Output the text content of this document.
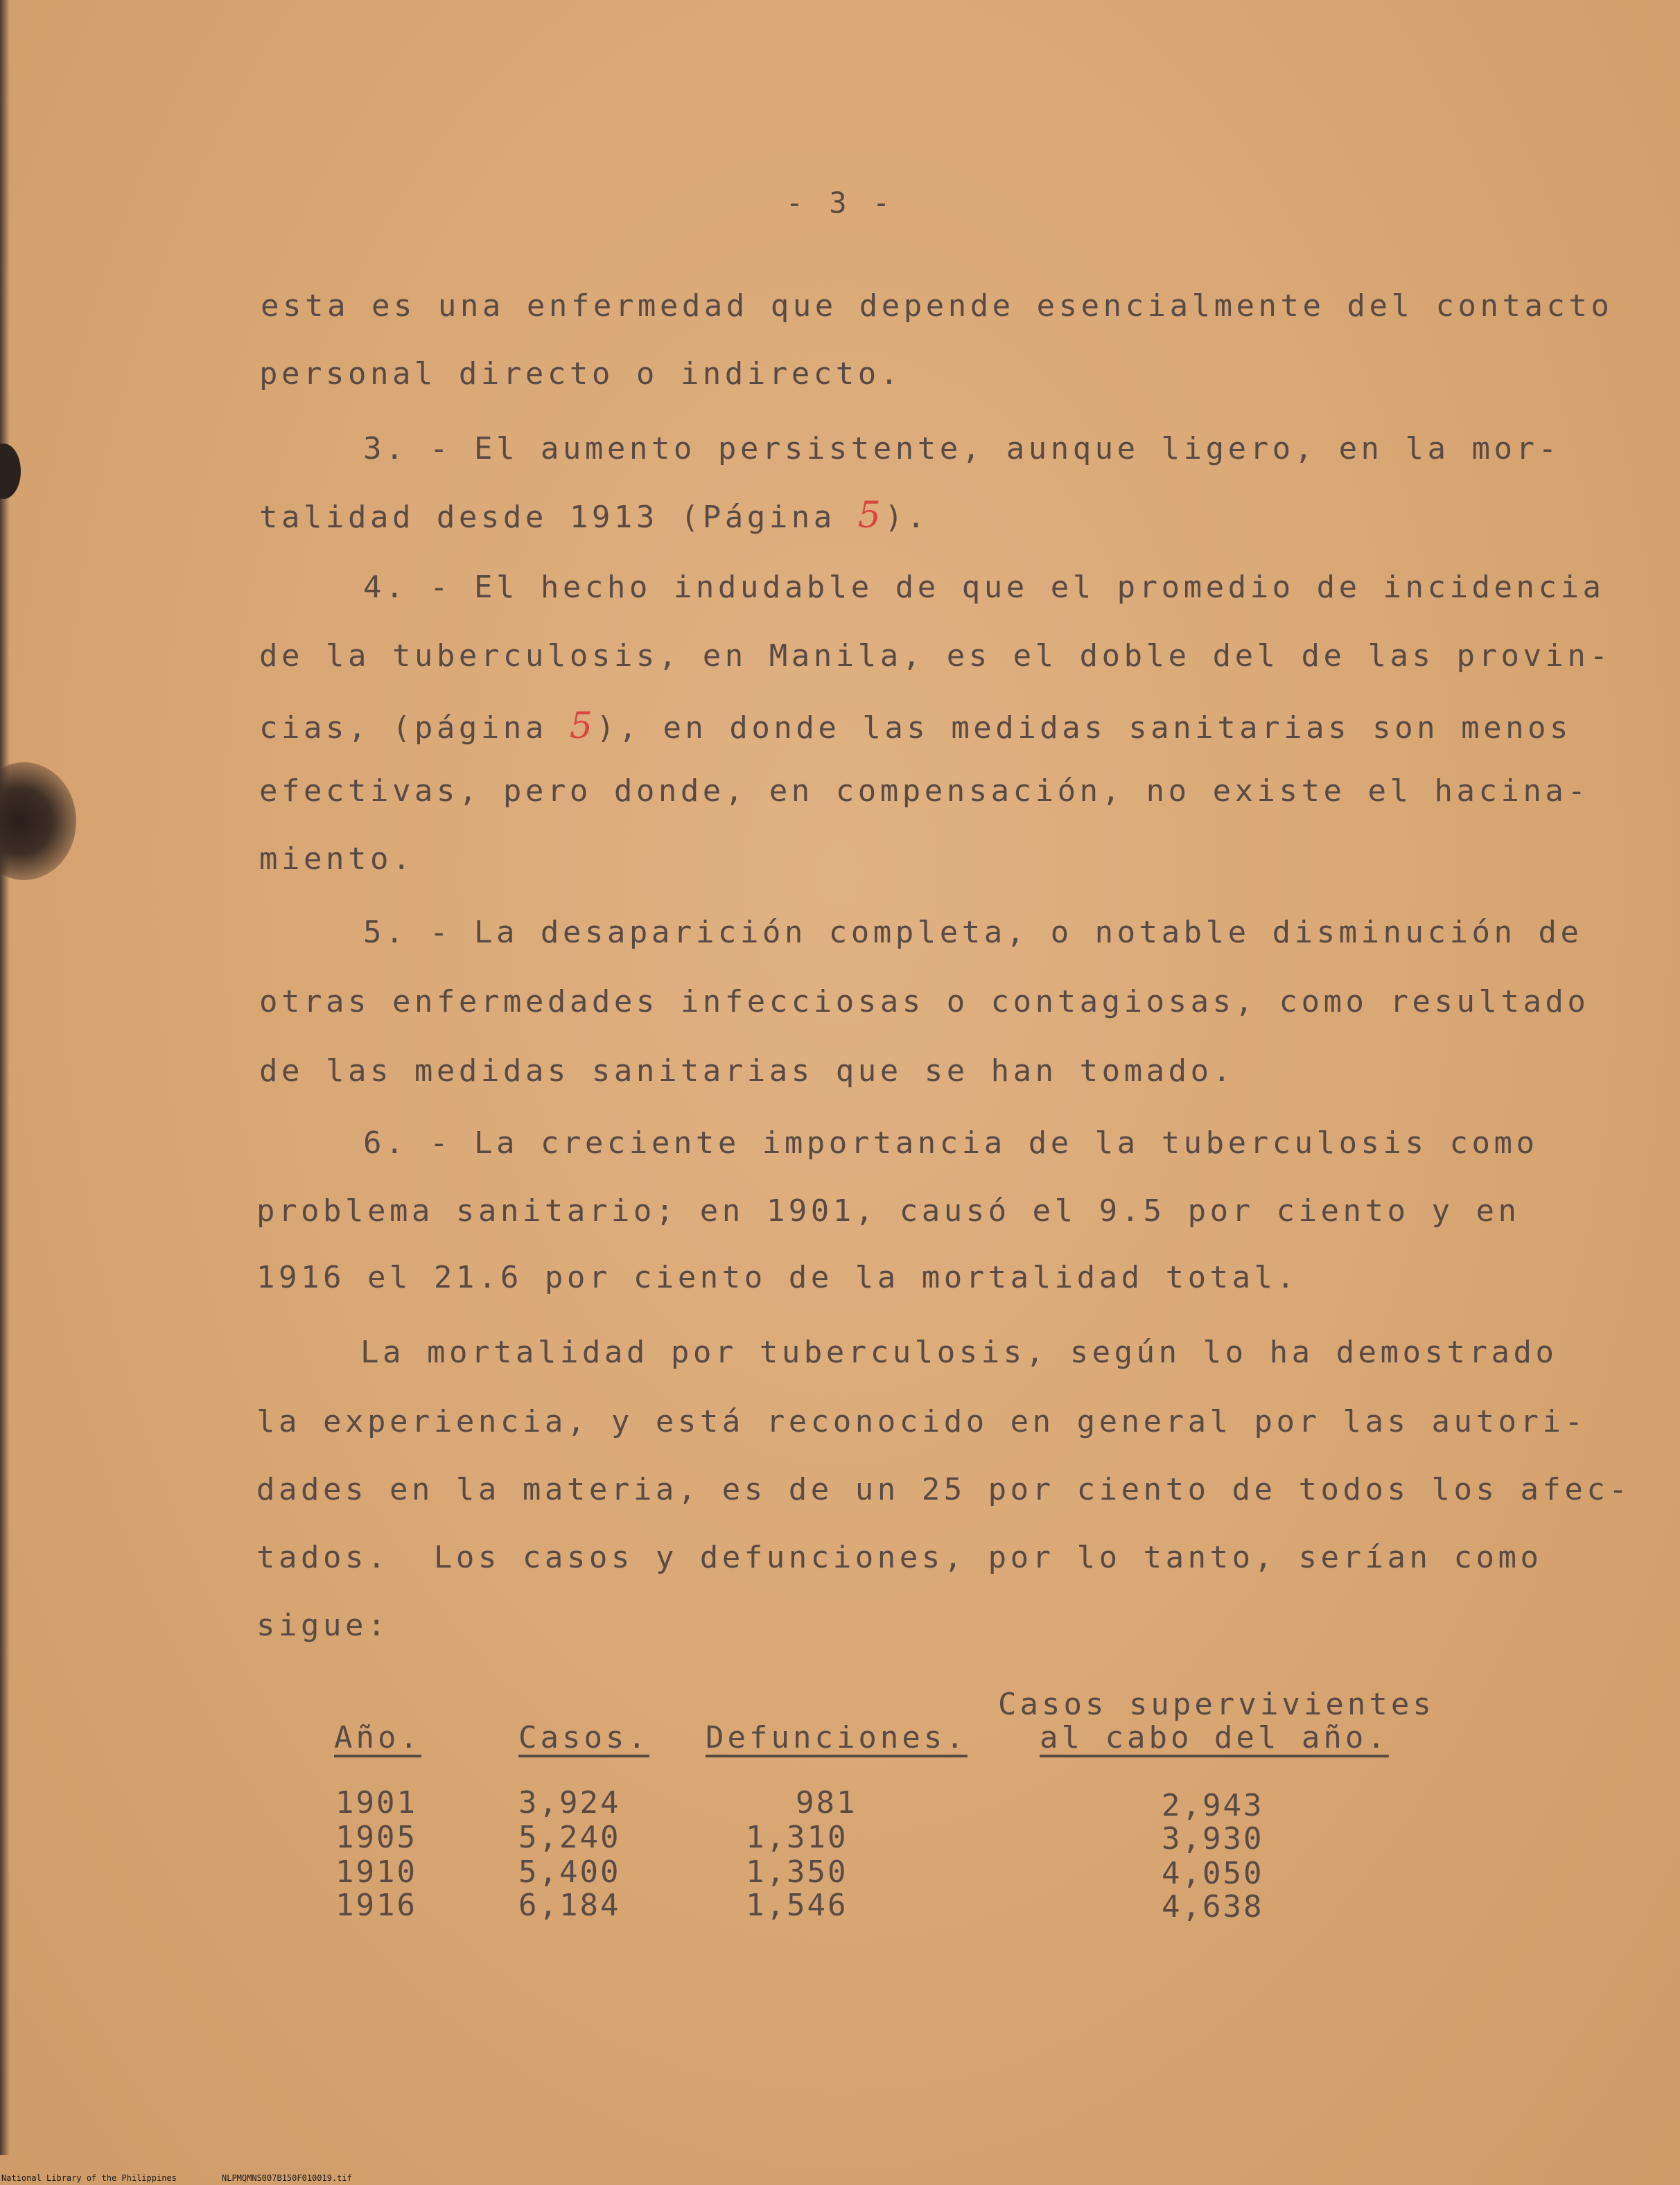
- 3 -
esta es una enfermedad que depende esencialmente del contacto
personal directo o indirecto.
3. - El aumento persistente, aunque ligero, en la mor-
talidad desde 1913 (Página 5).
4. - El hecho indudable de que el promedio de incidencia
de la tuberculosis, en Manila, es el doble del de las provin-
cias, (página 5), en donde las medidas sanitarias son menos
efectivas, pero donde, en compensación, no existe el hacina-
miento.
5. - La desaparición completa, o notable disminución de
otras enfermedades infecciosas o contagiosas, como resultado
de las medidas sanitarias que se han tomado.
6. - La creciente importancia de la tuberculosis como
problema sanitario; en 1901, causó el 9.5 por ciento y en
1916 el 21.6 por ciento de la mortalidad total.
La mortalidad por tuberculosis, según lo ha demostrado
la experiencia, y está reconocido en general por las autori-
dades en la materia, es de un 25 por ciento de todos los afec-
tados.  Los casos y defunciones, por lo tanto, serían como
sigue:
Año.	Casos. Defunciones.
Casos supervivientes
al cabo del año.
1901	3,924	981	2,943
1905	5,240	1,310	3,930
1910	5,400	1,350	4,050
1916	6,184	1,546	4,638
National Library of the Philippines	NLPMQMNS007B150F010019.tif
